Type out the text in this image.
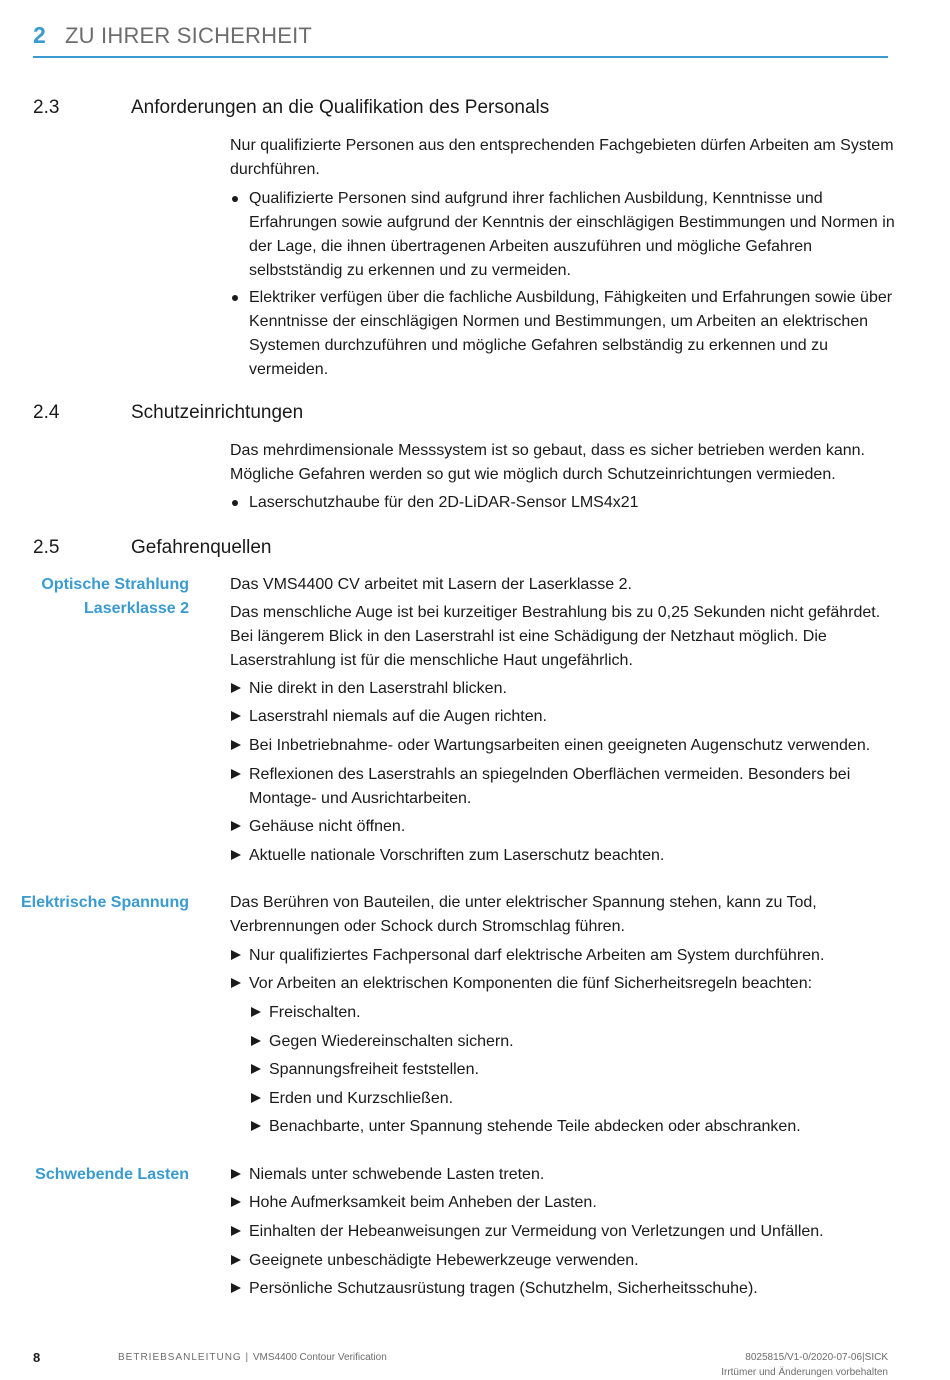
2 ZU IHRER SICHERHEIT
2.3	Anforderungen an die Qualifikation des Personals
Nur qualifizierte Personen aus den entsprechenden Fachgebieten dürfen Arbeiten am System durchführen.
Qualifizierte Personen sind aufgrund ihrer fachlichen Ausbildung, Kenntnisse und Erfahrungen sowie aufgrund der Kenntnis der einschlägigen Bestimmungen und Normen in der Lage, die ihnen übertragenen Arbeiten auszuführen und mögliche Gefahren selbstständig zu erkennen und zu vermeiden.
Elektriker verfügen über die fachliche Ausbildung, Fähigkeiten und Erfahrungen sowie über Kenntnisse der einschlägigen Normen und Bestimmungen, um Arbeiten an elektrischen Systemen durchzuführen und mögliche Gefahren selbständig zu erkennen und zu vermeiden.
2.4	Schutzeinrichtungen
Das mehrdimensionale Messsystem ist so gebaut, dass es sicher betrieben werden kann. Mögliche Gefahren werden so gut wie möglich durch Schutzeinrichtungen vermieden.
Laserschutzhaube für den 2D-LiDAR-Sensor LMS4x21
2.5	Gefahrenquellen
Optische Strahlung
Laserklasse 2
Das VMS4400 CV arbeitet mit Lasern der Laserklasse 2.
Das menschliche Auge ist bei kurzeitiger Bestrahlung bis zu 0,25 Sekunden nicht gefährdet. Bei längerem Blick in den Laserstrahl ist eine Schädigung der Netzhaut möglich. Die Laserstrahlung ist für die menschliche Haut ungefährlich.
Nie direkt in den Laserstrahl blicken.
Laserstrahl niemals auf die Augen richten.
Bei Inbetriebnahme- oder Wartungsarbeiten einen geeigneten Augenschutz verwenden.
Reflexionen des Laserstrahls an spiegelnden Oberflächen vermeiden. Besonders bei Montage- und Ausrichtarbeiten.
Gehäuse nicht öffnen.
Aktuelle nationale Vorschriften zum Laserschutz beachten.
Elektrische Spannung	Das Berühren von Bauteilen, die unter elektrischer Spannung stehen, kann zu Tod, Verbrennungen oder Schock durch Stromschlag führen.
Nur qualifiziertes Fachpersonal darf elektrische Arbeiten am System durchführen.
Vor Arbeiten an elektrischen Komponenten die fünf Sicherheitsregeln beachten:
Freischalten.
Gegen Wiedereinschalten sichern.
Spannungsfreiheit feststellen.
Erden und Kurzschließen.
Benachbarte, unter Spannung stehende Teile abdecken oder abschranken.
Schwebende Lasten	Niemals unter schwebende Lasten treten.
Hohe Aufmerksamkeit beim Anheben der Lasten.
Einhalten der Hebeanweisungen zur Vermeidung von Verletzungen und Unfällen.
Geeignete unbeschädigte Hebewerkzeuge verwenden.
Persönliche Schutzausrüstung tragen (Schutzhelm, Sicherheitsschuhe).
8	BETRIEBSANLEITUNG | VMS4400 Contour Verification	8025815/V1-0/2020-07-06|SICK
Irrtümer und Änderungen vorbehalten
